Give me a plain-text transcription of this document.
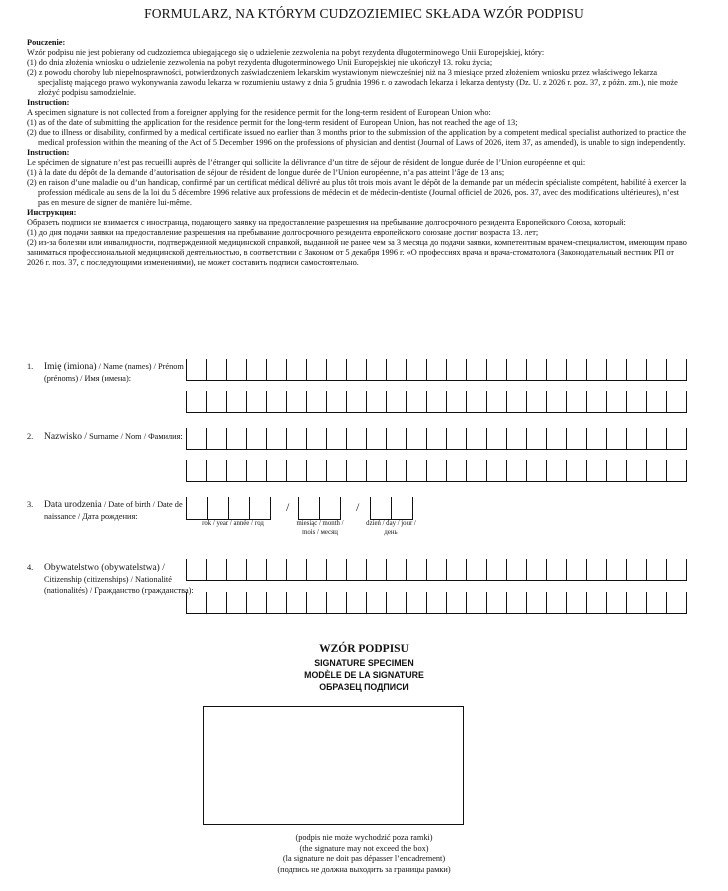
FORMULARZ, NA KTÓRYM CUDZOZIEMIEC SKŁADA WZÓR PODPISU

Pouczenie:

Wzór podpisu nie jest pobierany od cudzoziemca ubiegającego się o udzielenie zezwolenia na pobyt rezydenta długoterminowego Unii Europejskiej, który:

(1) do dnia złożenia wniosku o udzielenie zezwolenia na pobyt rezydenta długoterminowego Unii Europejskiej nie ukończył 13. roku życia;

(2) z powodu choroby lub niepełnosprawności, potwierdzonych zaświadczeniem lekarskim wystawionym niewcześniej niż na 3 miesiące przed złożeniem wniosku przez właściwego lekarza specjalistę mającego prawo wykonywania zawodu lekarza w rozumieniu ustawy z dnia 5 grudnia 1996 r. o zawodach lekarza i lekarza dentysty (Dz. U. z 2026 r. poz. 37, z późn. zm.), nie może złożyć podpisu samodzielnie.

Instruction:

A specimen signature is not collected from a foreigner applying for the residence permit for the long-term resident of European Union who:

(1) as of the date of submitting the application for the residence permit for the long-term resident of European Union, has not reached the age of 13;

(2) due to illness or disability, confirmed by a medical certificate issued no earlier than 3 months prior to the submission of the application by a competent medical specialist authorized to practice the medical profession within the meaning of the Act of 5 December 1996 on the professions of physician and dentist (Journal of Laws of 2026, item 37, as amended), is unable to sign independently.

Instruction:

Le spécimen de signature n’est pas recueilli auprès de l’étranger qui sollicite la délivrance d’un titre de séjour de résident de longue durée de l’Union européenne et qui:

(1) à la date du dépôt de la demande d’autorisation de séjour de résident de longue durée de l’Union européenne, n’a pas atteint l’âge de 13 ans;

(2) en raison d’une maladie ou d’un handicap, confirmé par un certificat médical délivré au plus tôt trois mois avant le dépôt de la demande par un médecin spécialiste compétent, habilité à exercer la profession médicale au sens de la loi du 5 décembre 1996 relative aux professions de médecin et de médecin-dentiste (Journal officiel de 2026, pos. 37, avec des modifications ultérieures), n’est pas en mesure de signer de manière lui-même.

Инструкция:

Образеть подписи не взимается с иностранца, подающего заявку на предоставление разрешения на пребывание долгосрочного резидента Европейского Союза, который:

(1) до дня подачи заявки на предоставление разрешения на пребывание долгосрочного резидента европейского союзане достиг возраста 13. лет;

(2) из-за болезни или инвалидности, подтвержденной медицинской справкой, выданной не ранее чем за 3 месяца до подачи заявки, компетентным врачем-специалистом, имеющим право заниматься профессиональной медицинской деятельностью, в соответствии с Законом от 5 декабря 1996 г. «О профессиях врача и врача-стоматолога (Законодательный вестник РП от 2026 г. поз. 37, с последующими изменениями), не может составить подписи самостоятельно.

1.	Imię (imiona) / Name (names) / Prénom (prénoms) / Имя (имена):
2.	Nazwisko / Surname / Nom / Фамилия:
3.	Data urodzenia / Date of birth / Date de naissance / Дата рождения:
/	/
rok / year / année / год	miesiąc / month / mois / месяц
dzień / day / jour / день
4.	Obywatelstwo (obywatelstwa) / Citizenship (citizenships) / Nationalité (nationalités) / Гражданство (гражданства):
WZÓR PODPISU
SIGNATURE SPECIMEN
MODÈLE DE LA SIGNATURE
ОБРАЗЕЦ ПОДПИСИ
(podpis nie może wychodzić poza ramki)
(the signature may not exceed the box)
(la signature ne doit pas dépasser l’encadrement)
(подпись не должна выходить за границы рамки)
